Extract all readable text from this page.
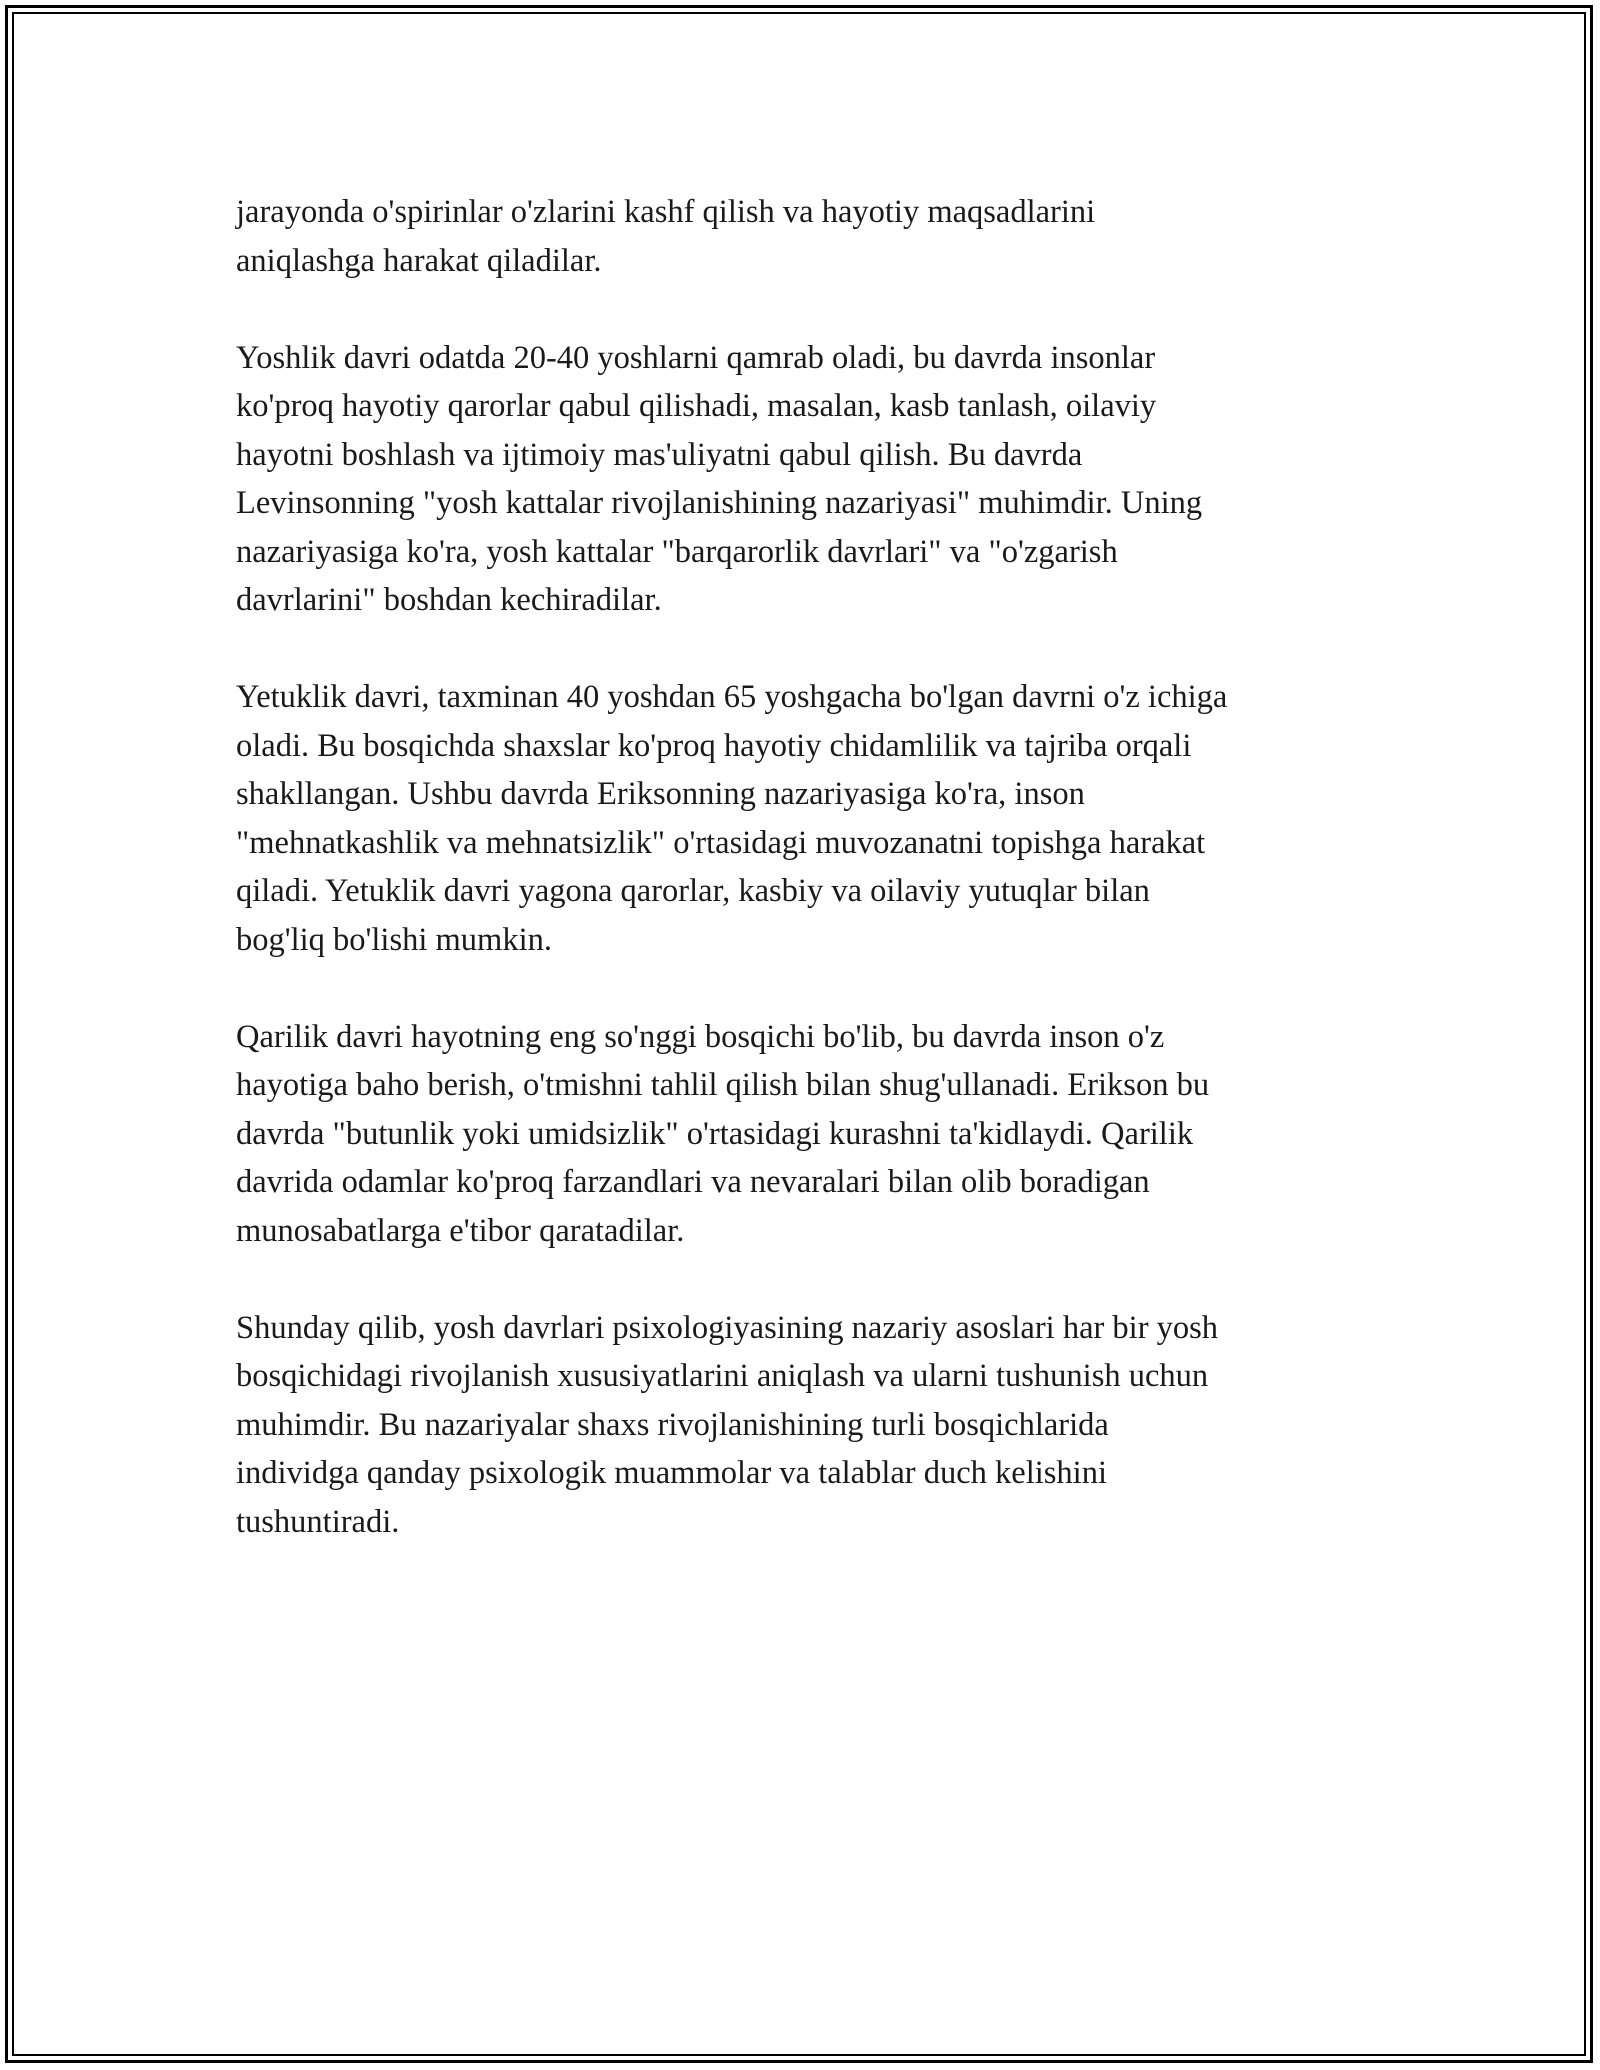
jarayonda o'spirinlar o'zlarini kashf qilish va hayotiy maqsadlarini
aniqlashga harakat qiladilar.

Yoshlik davri odatda 20-40 yoshlarni qamrab oladi, bu davrda insonlar
ko'proq hayotiy qarorlar qabul qilishadi, masalan, kasb tanlash, oilaviy
hayotni boshlash va ijtimoiy mas'uliyatni qabul qilish. Bu davrda
Levinsonning "yosh kattalar rivojlanishining nazariyasi" muhimdir. Uning
nazariyasiga ko'ra, yosh kattalar "barqarorlik davrlari" va "o'zgarish
davrlarini" boshdan kechiradilar.

Yetuklik davri, taxminan 40 yoshdan 65 yoshgacha bo'lgan davrni o'z ichiga
oladi. Bu bosqichda shaxslar ko'proq hayotiy chidamlilik va tajriba orqali
shakllangan. Ushbu davrda Eriksonning nazariyasiga ko'ra, inson
"mehnatkashlik va mehnatsizlik" o'rtasidagi muvozanatni topishga harakat
qiladi. Yetuklik davri yagona qarorlar, kasbiy va oilaviy yutuqlar bilan
bog'liq bo'lishi mumkin.

Qarilik davri hayotning eng so'nggi bosqichi bo'lib, bu davrda inson o'z
hayotiga baho berish, o'tmishni tahlil qilish bilan shug'ullanadi. Erikson bu
davrda "butunlik yoki umidsizlik" o'rtasidagi kurashni ta'kidlaydi. Qarilik
davrida odamlar ko'proq farzandlari va nevaralari bilan olib boradigan
munosabatlarga e'tibor qaratadilar.

Shunday qilib, yosh davrlari psixologiyasining nazariy asoslari har bir yosh
bosqichidagi rivojlanish xususiyatlarini aniqlash va ularni tushunish uchun
muhimdir. Bu nazariyalar shaxs rivojlanishining turli bosqichlarida
individga qanday psixologik muammolar va talablar duch kelishini
tushuntiradi.
